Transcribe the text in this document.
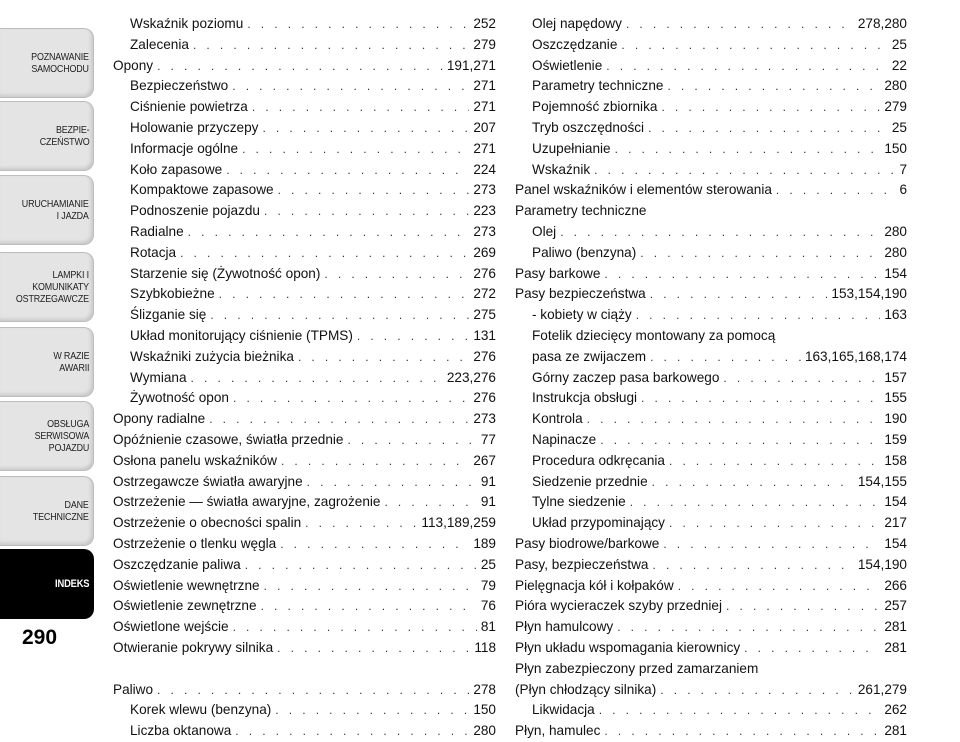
POZNAWANIE
SAMOCHODU
BEZPIE-
CZEŃSTWO
URUCHAMIANIE
I JAZDA
LAMPKI I
KOMUNIKATY
OSTRZEGAWCZE
W RAZIE
AWARII
OBSŁUGA
SERWISOWA
POJAZDU
DANE
TECHNICZNE
INDEKS
290
Wskaźnik poziomu . . .	252
Zalecenia . . .	279
Opony . . .	191,271
Bezpieczeństwo . . .	271
Ciśnienie powietrza . . .	271
Holowanie przyczepy . . .	207
Informacje ogólne . . .	271
Koło zapasowe . . .	224
Kompaktowe zapasowe . . .	273
Podnoszenie pojazdu . . .	223
Radialne . . .	273
Rotacja . . .	269
Starzenie się (Żywotność opon) . . .	276
Szybkobieżne . . .	272
Ślizganie się . . .	275
Układ monitorujący ciśnienie (TPMS) . . .	131
Wskaźniki zużycia bieżnika . . .	276
Wymiana . . .	223,276
Żywotność opon . . .	276
Opony radialne . . .	273
Opóźnienie czasowe, światła przednie . . .	77
Osłona panelu wskaźników . . .	267
Ostrzegawcze światła awaryjne . . .	91
Ostrzeżenie — światła awaryjne, zagrożenie . . .	91
Ostrzeżenie o obecności spalin . . .	113,189,259
Ostrzeżenie o tlenku węgla . . .	189
Oszczędzanie paliwa . . .	25
Oświetlenie wewnętrzne . . .	79
Oświetlenie zewnętrzne . . .	76
Oświetlone wejście . . .	81
Otwieranie pokrywy silnika . . .	118
Paliwo . . .	278
Korek wlewu (benzyna) . . .	150
Liczba oktanowa . . .	280
Olej napędowy . . .	278,280
Oszczędzanie . . .	25
Oświetlenie . . .	22
Parametry techniczne . . .	280
Pojemność zbiornika . . .	279
Tryb oszczędności . . .	25
Uzupełnianie . . .	150
Wskaźnik . . .	7
Panel wskaźników i elementów sterowania . . .	6
Parametry techniczne
Olej . . .	280
Paliwo (benzyna) . . .	280
Pasy barkowe . . .	154
Pasy bezpieczeństwa . . .	153,154,190
- kobiety w ciąży . . .	163
Fotelik dziecięcy montowany za pomocą
pasa ze zwijaczem . . .	163,165,168,174
Górny zaczep pasa barkowego . . .	157
Instrukcja obsługi . . .	155
Kontrola . . .	190
Napinacze . . .	159
Procedura odkręcania . . .	158
Siedzenie przednie . . .	154,155
Tylne siedzenie . . .	154
Układ przypominający . . .	217
Pasy biodrowe/barkowe . . .	154
Pasy, bezpieczeństwa . . .	154,190
Pielęgnacja kół i kołpaków . . .	266
Pióra wycieraczek szyby przedniej . . .	257
Płyn hamulcowy . . .	281
Płyn układu wspomagania kierownicy . . .	281
Płyn zabezpieczony przed zamarzaniem
(Płyn chłodzący silnika) . . .	261,279
Likwidacja . . .	262
Płyn, hamulec . . .	281
